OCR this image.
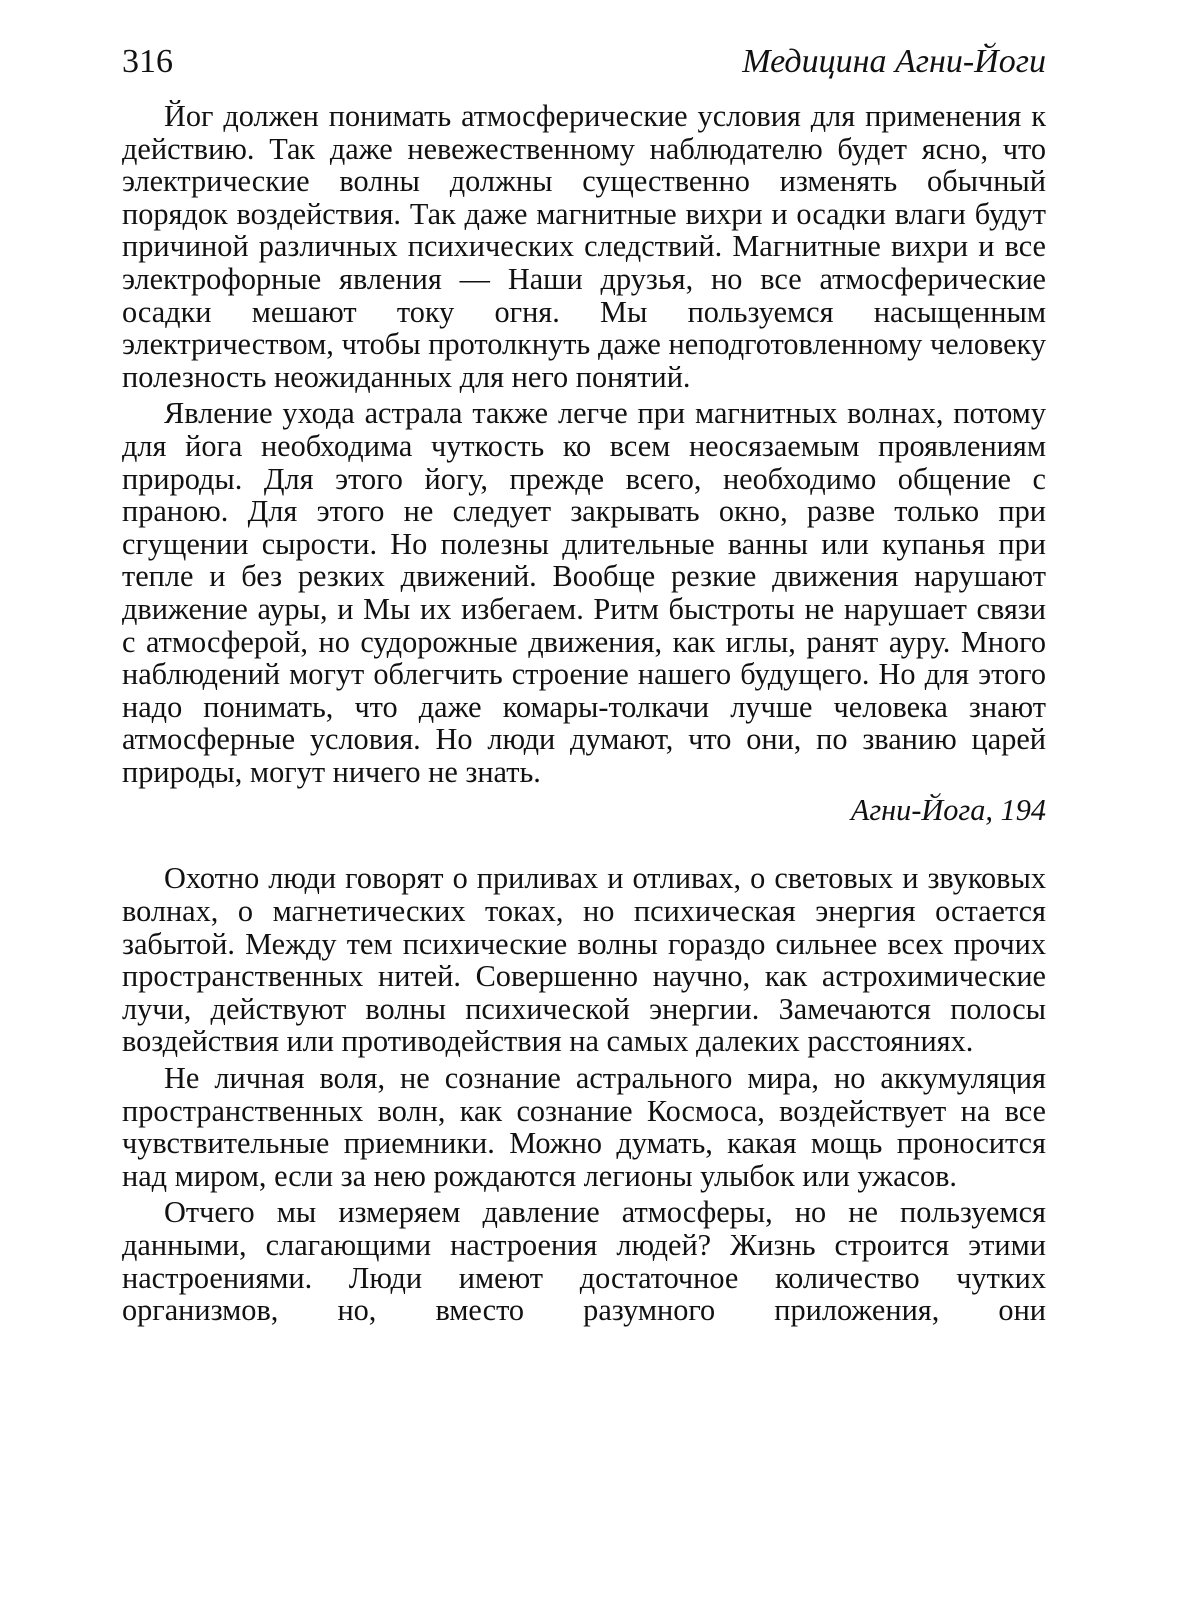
316	Медицина Агни-Йоги

Йог должен понимать атмосферические условия для применения к действию. Так даже невежественному наблюдателю будет ясно, что электрические волны должны существенно изменять обычный порядок воздействия. Так даже магнитные вихри и осадки влаги будут причиной различных психических следствий. Магнитные вихри и все электрофорные явления — Наши друзья, но все атмосферические осадки мешают току огня. Мы пользуемся насыщенным электричеством, чтобы протолкнуть даже неподготовленному человеку полезность неожиданных для него понятий.

Явление ухода астрала также легче при магнитных волнах, потому для йога необходима чуткость ко всем неосязаемым проявлениям природы. Для этого йогу, прежде всего, необходимо общение с праною. Для этого не следует закрывать окно, разве только при сгущении сырости. Но полезны длительные ванны или купанья при тепле и без резких движений. Вообще резкие движения нарушают движение ауры, и Мы их избегаем. Ритм быстроты не нарушает связи с атмосферой, но судорожные движения, как иглы, ранят ауру. Много наблюдений могут облегчить строение нашего будущего. Но для этого надо понимать, что даже комары-толкачи лучше человека знают атмосферные условия. Но люди думают, что они, по званию царей природы, могут ничего не знать.

Агни-Йога, 194

Охотно люди говорят о приливах и отливах, о световых и звуковых волнах, о магнетических токах, но психическая энергия остается забытой. Между тем психические волны гораздо сильнее всех прочих пространственных нитей. Совершенно научно, как астрохимические лучи, действуют волны психической энергии. Замечаются полосы воздействия или противодействия на самых далеких расстояниях.

Не личная воля, не сознание астрального мира, но аккумуляция пространственных волн, как сознание Космоса, воздействует на все чувствительные приемники. Можно думать, какая мощь проносится над миром, если за нею рождаются легионы улыбок или ужасов.

Отчего мы измеряем давление атмосферы, но не пользуемся данными, слагающими настроения людей? Жизнь строится этими настроениями. Люди имеют достаточное количество чутких организмов, но, вместо разумного приложения, они
